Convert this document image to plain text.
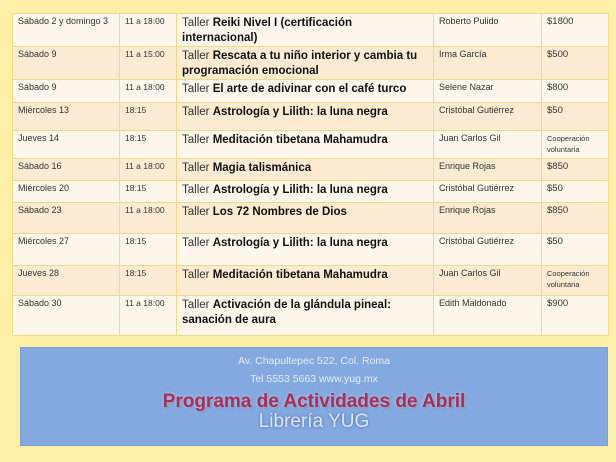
Sábado 2 y domingo 3	11 a 18:00	Taller Reiki Nivel I (certificación internacional)	Roberto Pulido	$1800
Sábado 9	11 a 15:00	Taller Rescata a tu niño interior y cambia tu programación emocional	Irma García	$500
Sábado 9	11 a 18:00	Taller El arte de adivinar con el café turco	Selene Nazar	$800
Miércoles 13	18:15	Taller Astrología y Lilith: la luna negra	Cristóbal Gutiérrez	$50
Jueves 14	18:15	Taller Meditación tibetana Mahamudra	Juan Carlos Gil	Cooperación voluntaria
Sábado 16	11 a 18:00	Taller Magia talismánica	Enrique Rojas	$850
Miércoles 20	18:15	Taller Astrología y Lilith: la luna negra	Cristóbal Gutiérrez	$50
Sábado 23	11 a 18:00	Taller Los 72 Nombres de Dios	Enrique Rojas	$850
Miércoles 27	18:15	Taller Astrología y Lilith: la luna negra	Cristóbal Gutiérrez	$50
Jueves 28	18:15	Taller Meditación tibetana Mahamudra	Juan Carlos Gil	Cooperación voluntaria
Sábado 30	11 a 18:00	Taller Activación de la glándula pineal: sanación de aura	Edith Maldonado	$900
Av. Chapultepec 522, Col. Roma
Tel 5553 5663 www.yug.mx
Programa de Actividades de Abril
Librería YUG
